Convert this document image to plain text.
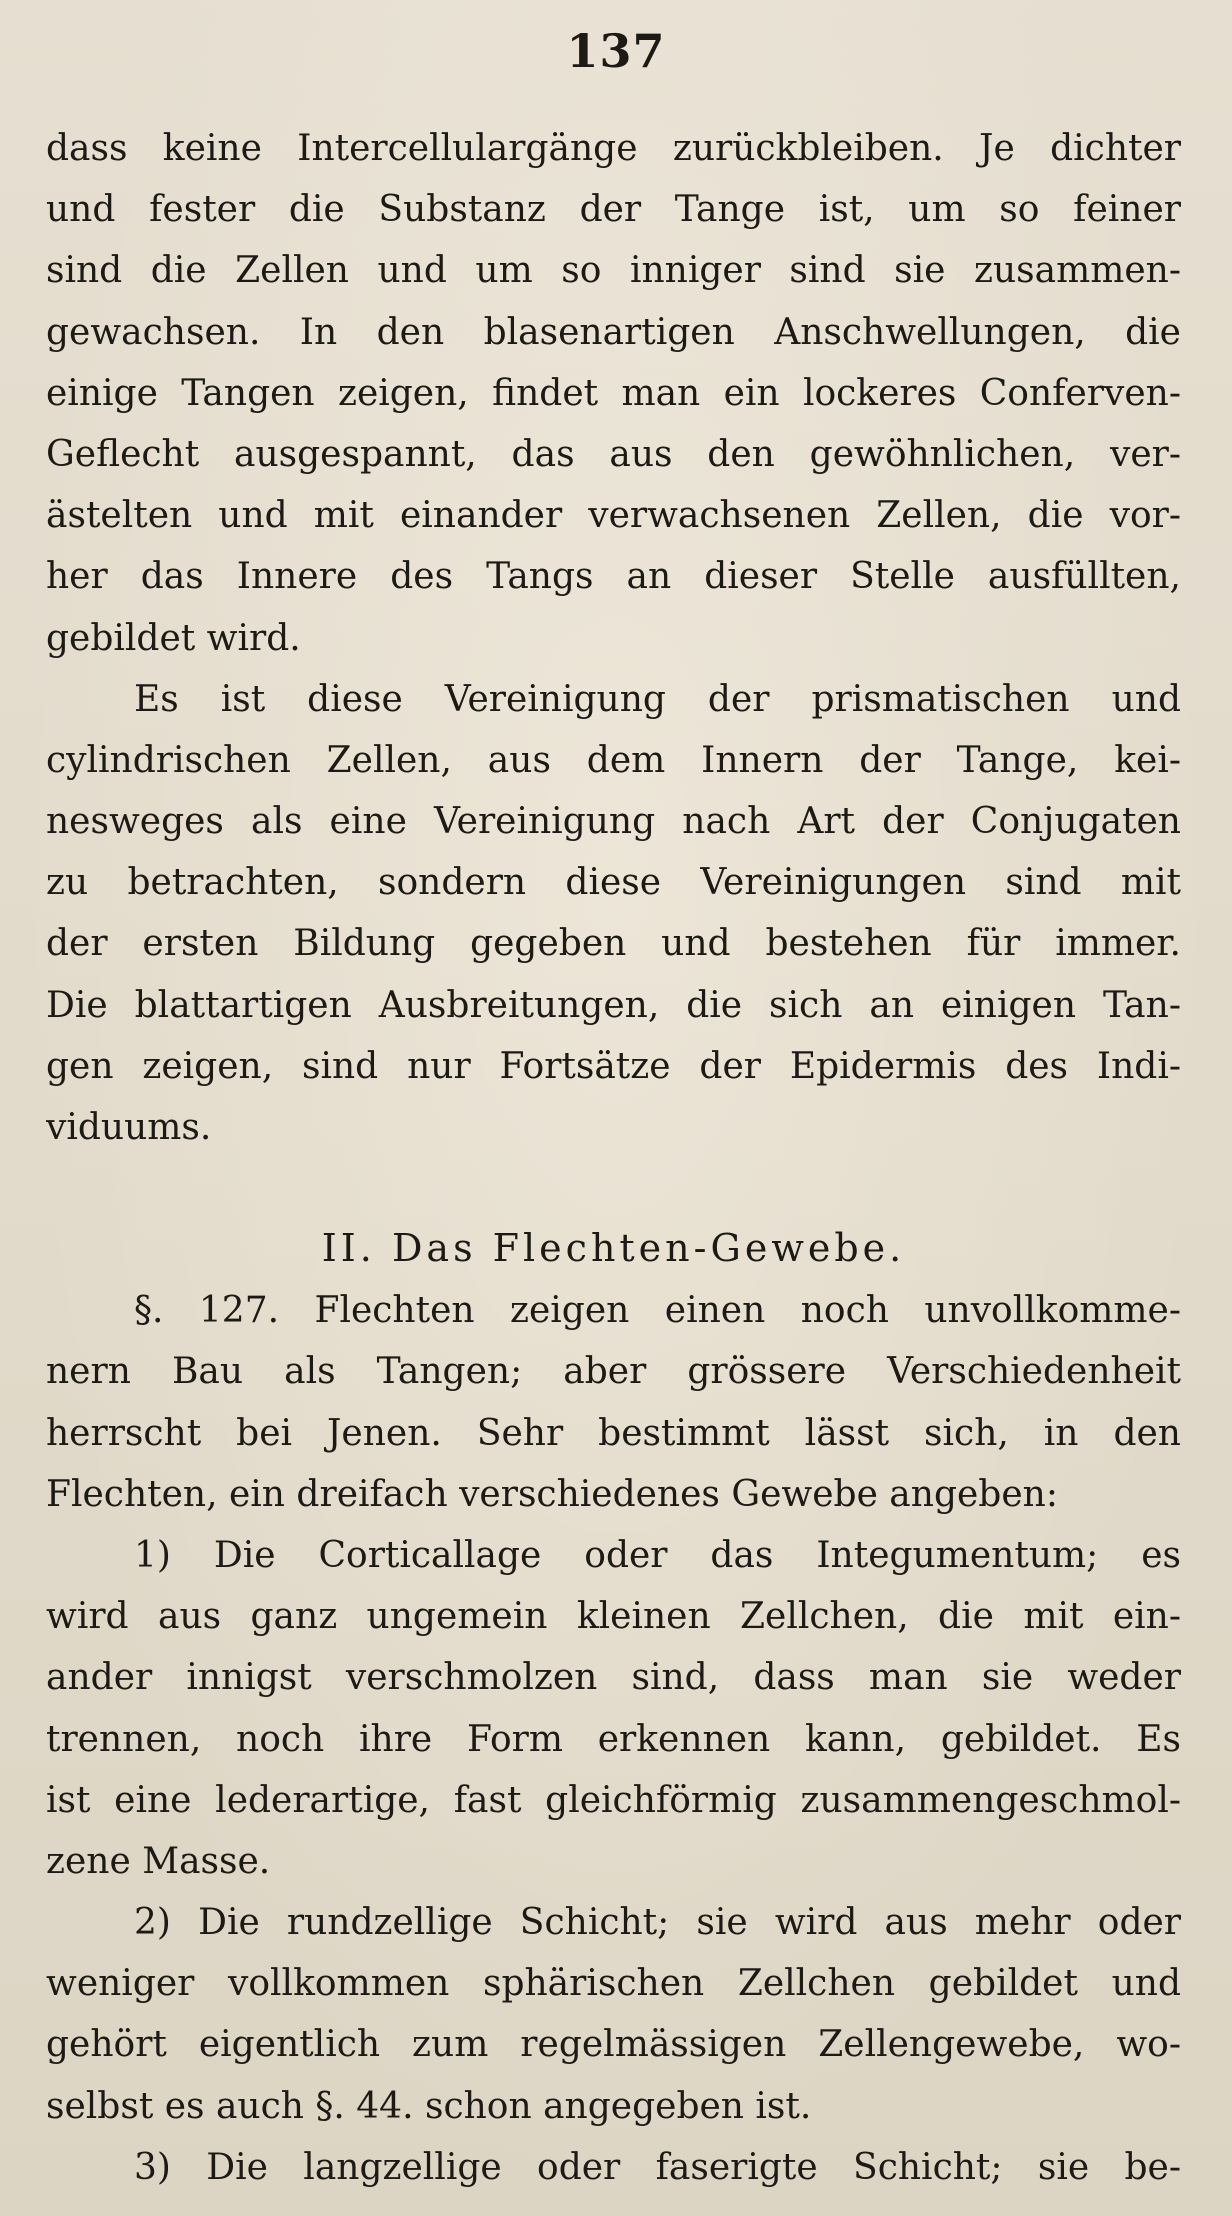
137
dass keine Intercellulargänge zurückbleiben. Je dichter
und fester die Substanz der Tange ist, um so feiner
sind die Zellen und um so inniger sind sie zusammen-
gewachsen. In den blasenartigen Anschwellungen, die
einige Tangen zeigen, findet man ein lockeres Conferven-
Geflecht ausgespannt, das aus den gewöhnlichen, ver-
ästelten und mit einander verwachsenen Zellen, die vor-
her das Innere des Tangs an dieser Stelle ausfüllten,
gebildet wird.
Es ist diese Vereinigung der prismatischen und
cylindrischen Zellen, aus dem Innern der Tange, kei-
nesweges als eine Vereinigung nach Art der Conjugaten
zu betrachten, sondern diese Vereinigungen sind mit
der ersten Bildung gegeben und bestehen für immer.
Die blattartigen Ausbreitungen, die sich an einigen Tan-
gen zeigen, sind nur Fortsätze der Epidermis des Indi-
viduums.
II. Das Flechten-Gewebe.
§. 127. Flechten zeigen einen noch unvollkomme-
nern Bau als Tangen; aber grössere Verschiedenheit
herrscht bei Jenen. Sehr bestimmt lässt sich, in den
Flechten, ein dreifach verschiedenes Gewebe angeben:
1) Die Corticallage oder das Integumentum; es
wird aus ganz ungemein kleinen Zellchen, die mit ein-
ander innigst verschmolzen sind, dass man sie weder
trennen, noch ihre Form erkennen kann, gebildet. Es
ist eine lederartige, fast gleichförmig zusammengeschmol-
zene Masse.
2) Die rundzellige Schicht; sie wird aus mehr oder
weniger vollkommen sphärischen Zellchen gebildet und
gehört eigentlich zum regelmässigen Zellengewebe, wo-
selbst es auch §. 44. schon angegeben ist.
3) Die langzellige oder faserigte Schicht; sie be-
